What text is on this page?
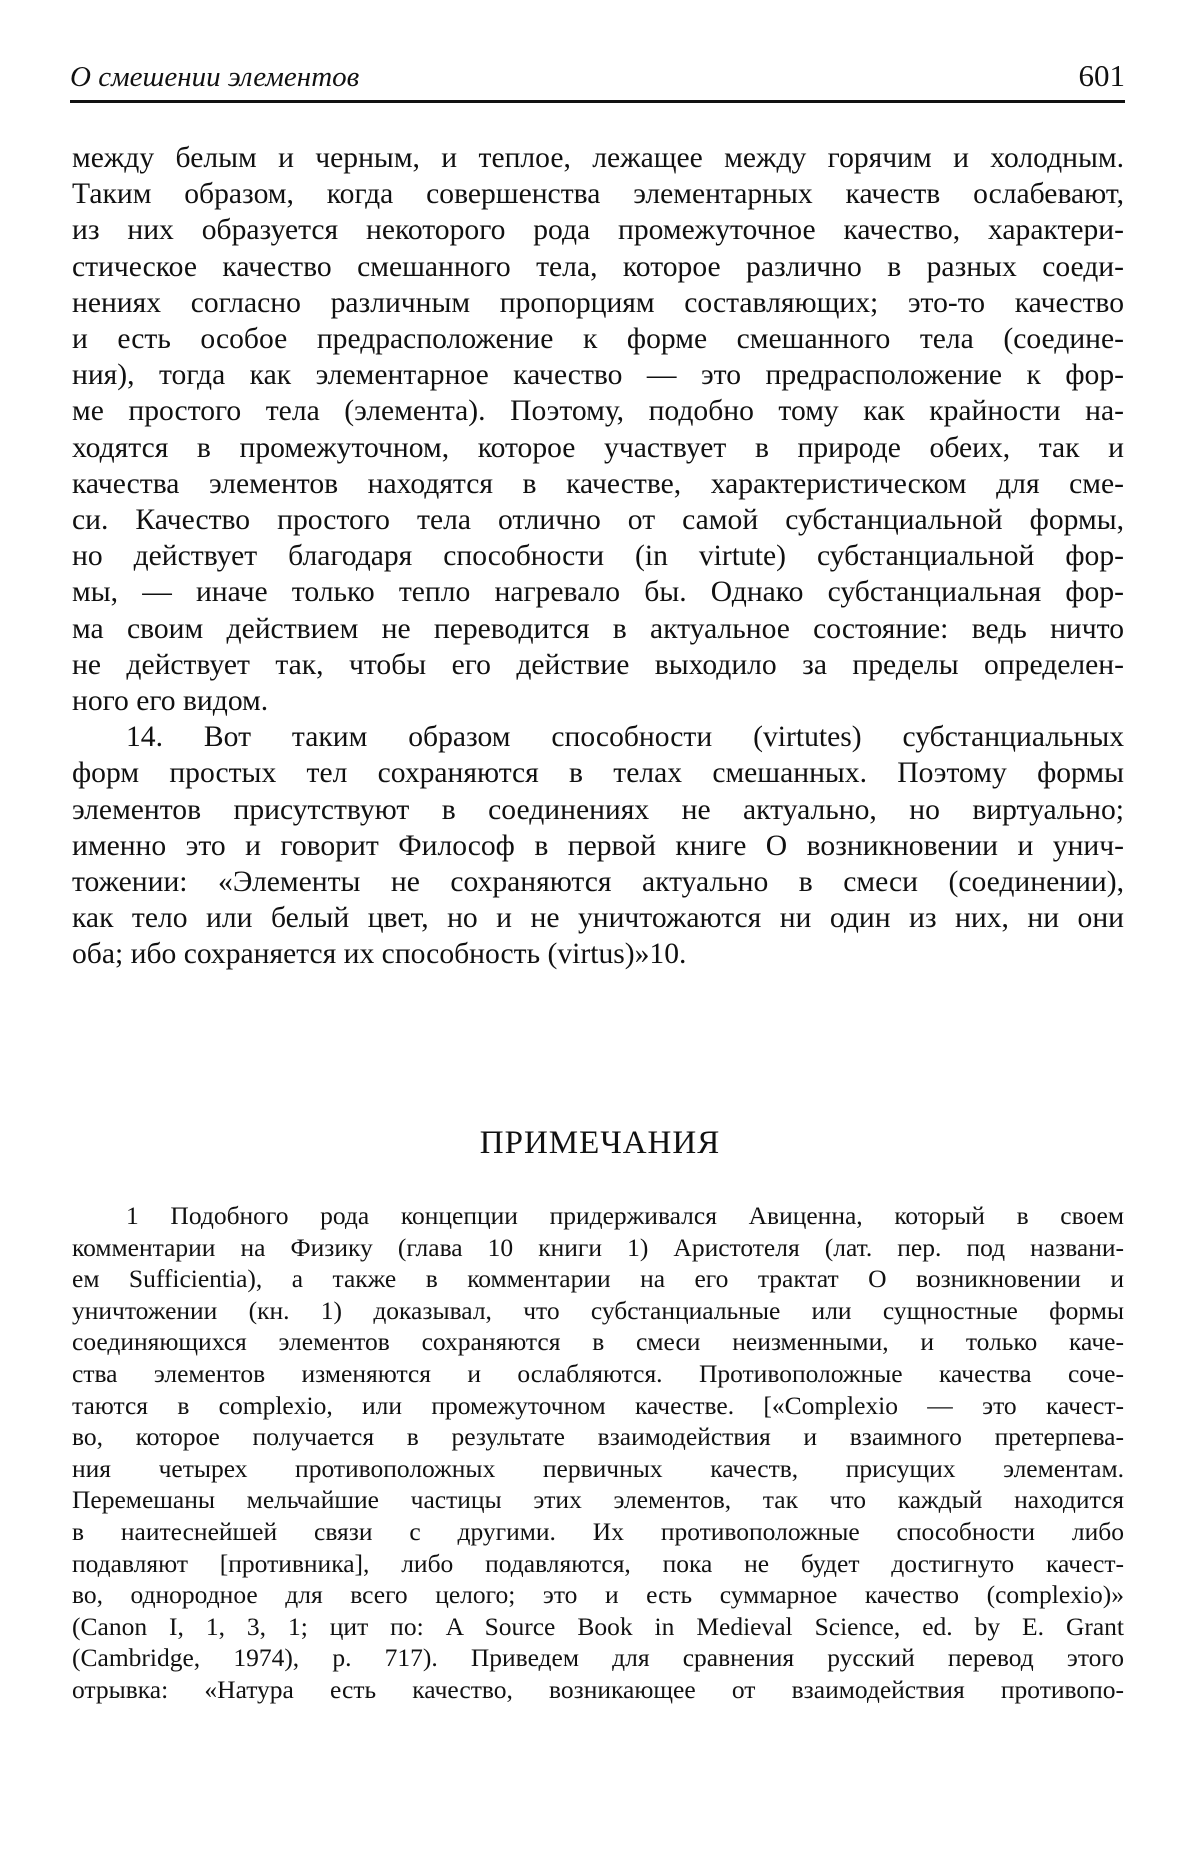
О смешении элементов	601
между белым и черным, и теплое, лежащее между горячим и холодным.
Таким образом, когда совершенства элементарных качеств ослабевают,
из них образуется некоторого рода промежуточное качество, характери-
стическое качество смешанного тела, которое различно в разных соеди-
нениях согласно различным пропорциям составляющих; это-то качество
и есть особое предрасположение к форме смешанного тела (соедине-
ния), тогда как элементарное качество — это предрасположение к фор-
ме простого тела (элемента). Поэтому, подобно тому как крайности на-
ходятся в промежуточном, которое участвует в природе обеих, так и
качества элементов находятся в качестве, характеристическом для сме-
си. Качество простого тела отлично от самой субстанциальной формы,
но действует благодаря способности (in virtute) субстанциальной фор-
мы, — иначе только тепло нагревало бы. Однако субстанциальная фор-
ма своим действием не переводится в актуальное состояние: ведь ничто
не действует так, чтобы его действие выходило за пределы определен-
ного его видом.
14. Вот таким образом способности (virtutes) субстанциальных
форм простых тел сохраняются в телах смешанных. Поэтому формы
элементов присутствуют в соединениях не актуально, но виртуально;
именно это и говорит Философ в первой книге О возникновении и унич-
тожении: «Элементы не сохраняются актуально в смеси (соединении),
как тело или белый цвет, но и не уничтожаются ни один из них, ни они
оба; ибо сохраняется их способность (virtus)»10.
ПРИМЕЧАНИЯ
1 Подобного рода концепции придерживался Авиценна, который в своем
комментарии на Физику (глава 10 книги 1) Аристотеля (лат. пер. под названи-
ем Sufficientia), а также в комментарии на его трактат О возникновении и
уничтожении (кн. 1) доказывал, что субстанциальные или сущностные формы
соединяющихся элементов сохраняются в смеси неизменными, и только каче-
ства элементов изменяются и ослабляются. Противоположные качества соче-
таются в complexio, или промежуточном качестве. [«Complexio — это качест-
во, которое получается в результате взаимодействия и взаимного претерпева-
ния четырех противоположных первичных качеств, присущих элементам.
Перемешаны мельчайшие частицы этих элементов, так что каждый находится
в наитеснейшей связи с другими. Их противоположные способности либо
подавляют [противника], либо подавляются, пока не будет достигнуто качест-
во, однородное для всего целого; это и есть суммарное качество (complexio)»
(Canon I, 1, 3, 1; цит по: A Source Book in Medieval Science, ed. by E. Grant
(Cambridge, 1974), p. 717). Приведем для сравнения русский перевод этого
отрывка: «Натура есть качество, возникающее от взаимодействия противопо-
